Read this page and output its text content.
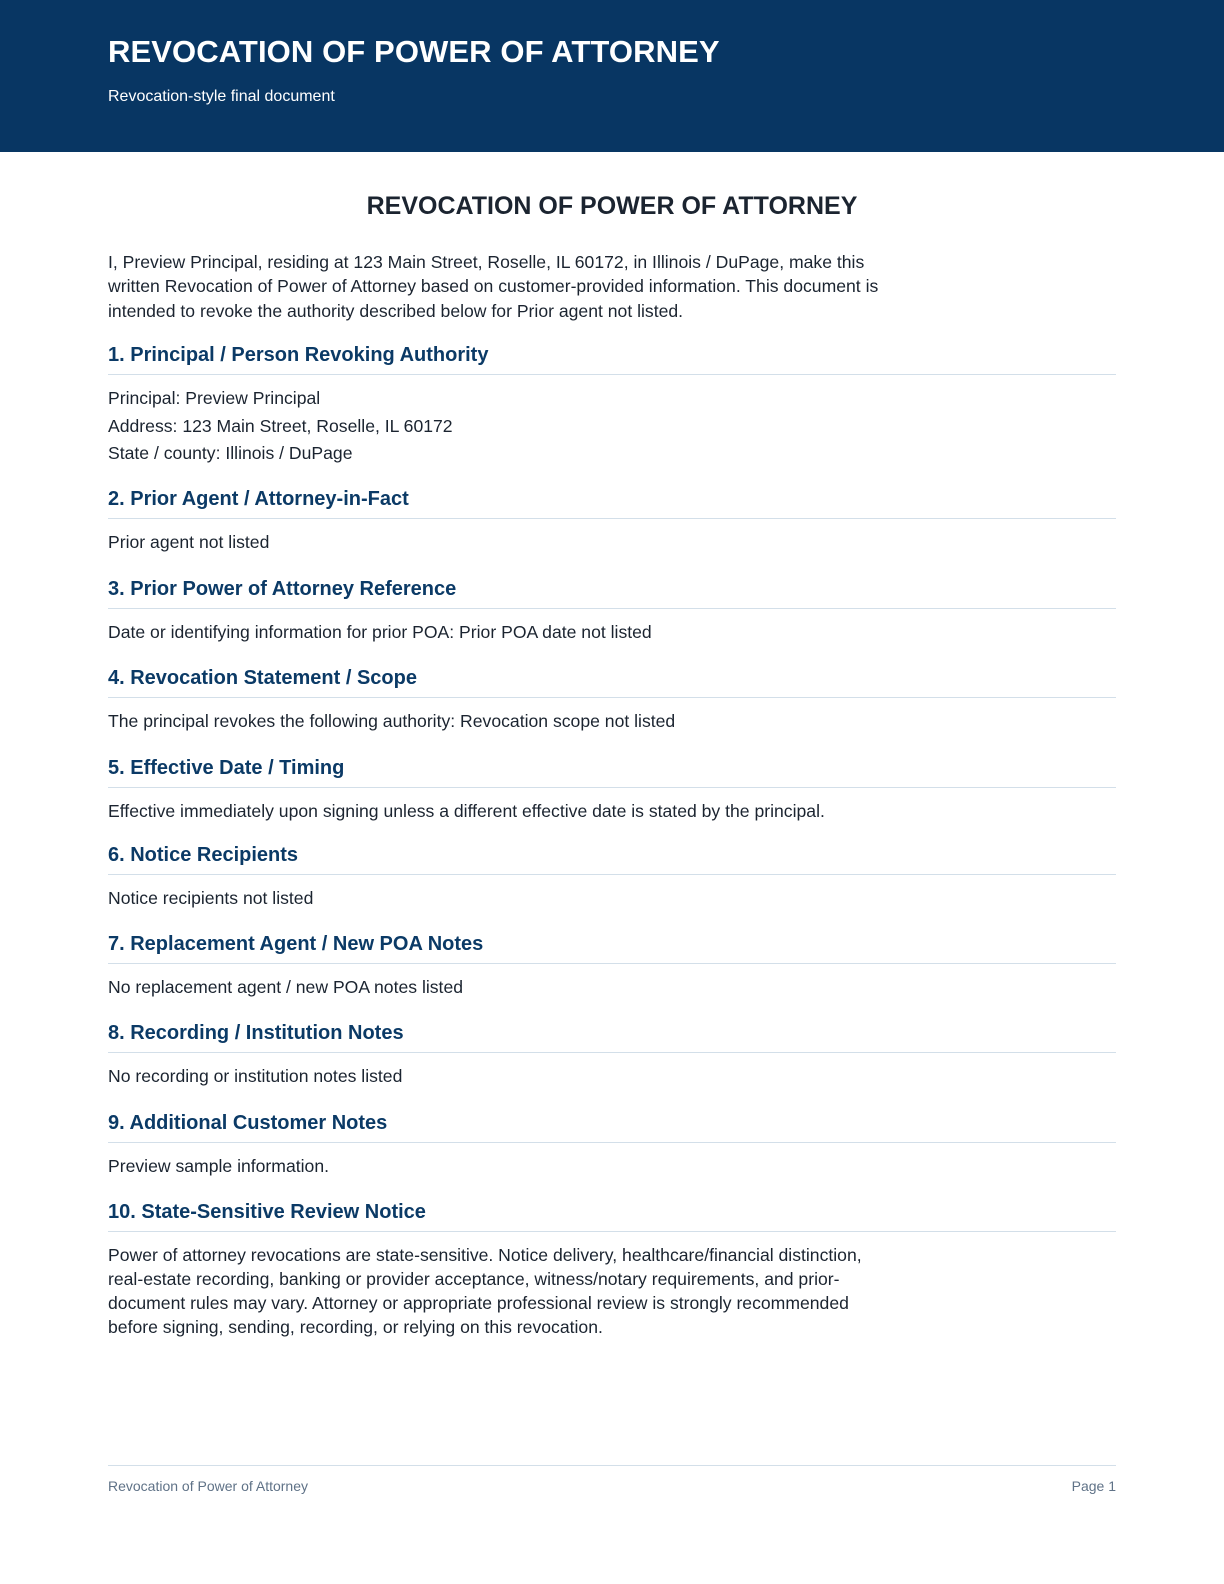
REVOCATION OF POWER OF ATTORNEY

Revocation-style final document

REVOCATION OF POWER OF ATTORNEY

I, Preview Principal, residing at 123 Main Street, Roselle, IL 60172, in Illinois / DuPage, make this written Revocation of Power of Attorney based on customer-provided information. This document is intended to revoke the authority described below for Prior agent not listed.

1. Principal / Person Revoking Authority
Principal: Preview Principal
Address: 123 Main Street, Roselle, IL 60172
State / county: Illinois / DuPage
2. Prior Agent / Attorney-in-Fact
Prior agent not listed
3. Prior Power of Attorney Reference
Date or identifying information for prior POA: Prior POA date not listed
4. Revocation Statement / Scope
The principal revokes the following authority: Revocation scope not listed
5. Effective Date / Timing
Effective immediately upon signing unless a different effective date is stated by the principal.
6. Notice Recipients
Notice recipients not listed
7. Replacement Agent / New POA Notes
No replacement agent / new POA notes listed
8. Recording / Institution Notes
No recording or institution notes listed
9. Additional Customer Notes
Preview sample information.
10. State-Sensitive Review Notice
Power of attorney revocations are state-sensitive. Notice delivery, healthcare/financial distinction, real-estate recording, banking or provider acceptance, witness/notary requirements, and prior-document rules may vary. Attorney or appropriate professional review is strongly recommended before signing, sending, recording, or relying on this revocation.
Revocation of Power of Attorney	Page 1
